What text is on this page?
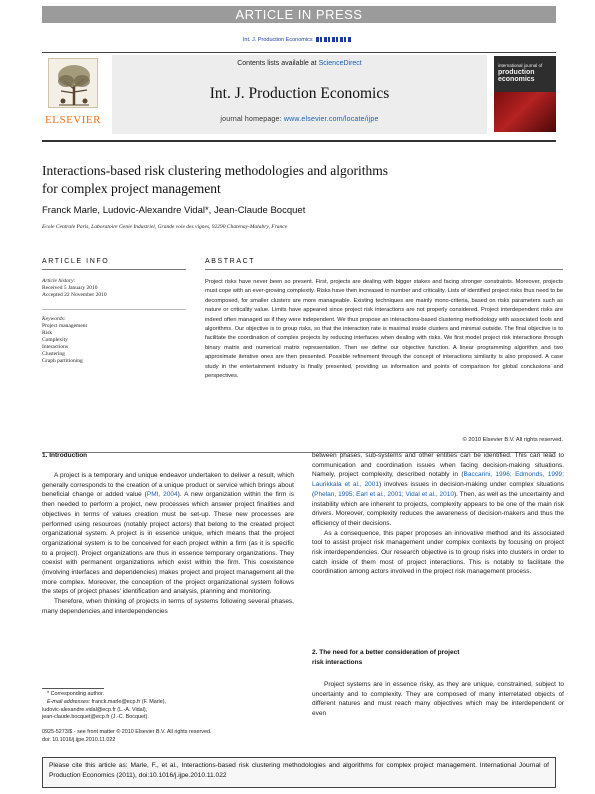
ARTICLE IN PRESS
Int. J. Production Economics
ELSEVIER
Contents lists available at ScienceDirect
Int. J. Production Economics
journal homepage: www.elsevier.com/locate/ijpe
international journal of
production
economics
Interactions-based risk clustering methodologies and algorithms
for complex project management
Franck Marle, Ludovic-Alexandre Vidal*, Jean-Claude Bocquet
Ecole Centrale Paris, Laboratoire Genie Industriel, Grande voie des vignes, 92290 Chatenay-Malabry, France
ARTICLE INFO
Article history:
Received 5 January 2010
Accepted 22 November 2010
Keywords:
Project management
Risk
Complexity
Interactions
Clustering
Graph partitioning
ABSTRACT
Project risks have never been so present. First, projects are dealing with bigger stakes and facing stronger constraints. Moreover, projects must cope with an ever-growing complexity. Risks have then increased in number and criticality. Lists of identified project risks thus need to be decomposed, for smaller clusters are more manageable. Existing techniques are mainly mono-criteria, based on risks parameters such as nature or criticality value. Limits have appeared since project risk interactions are not properly considered. Project interdependent risks are indeed often managed as if they were independent. We thus propose an interactions-based clustering methodology with associated tools and algorithms. Our objective is to group risks, so that the interaction rate is maximal inside clusters and minimal outside. The final objective is to facilitate the coordination of complex projects by reducing interfaces when dealing with risks. We first model project risk interactions through binary matrix and numerical matrix representation. Then we define our objective function. A linear programming algorithm and two approximate iterative ones are then presented. Possible refinement through the concept of interactions similarity is also proposed. A case study in the entertainment industry is finally presented, providing us information and points of comparison for global conclusions and perspectives.
© 2010 Elsevier B.V. All rights reserved.
1. Introduction

A project is a temporary and unique endeavor undertaken to deliver a result, which generally corresponds to the creation of a unique product or service which brings about beneficial change or added value (PMI, 2004). A new organization within the firm is then needed to perform a project, new processes which answer project finalities and objectives in terms of values creation must be set-up. These new processes are performed using resources (notably project actors) that belong to the created project organizational system. A project is in essence unique, which means that the project organizational system is to be conceived for each project within a firm (as it is specific to a project). Project organizations are thus in essence temporary organizations. They coexist with permanent organizations which exist within the firm. This coexistence (involving interfaces and dependencies) makes project and project management all the more complex. Moreover, the conception of the project organizational system follows the steps of project phases' identification and analysis, planning and monitoring.

Therefore, when thinking of projects in terms of systems following several phases, many dependencies and interdependencies

between phases, sub-systems and other entities can be identified. This can lead to communication and coordination issues when facing decision-making situations. Namely, project complexity, described notably in (Baccarini, 1996; Edmonds, 1999; Laurikkala et al., 2001) involves issues in decision-making under complex situations (Phelan, 1995; Earl et al., 2001; Vidal et al., 2010). Then, as well as the uncertainty and instability which are inherent to projects, complexity appears to be one of the main risk drivers. Moreover, complexity reduces the awareness of decision-makers and thus the efficiency of their decisions.

As a consequence, this paper proposes an innovative method and its associated tool to assist project risk management under complex contexts by focusing on project risk interdependencies. Our research objective is to group risks into clusters in order to catch inside of them most of project interactions. This is notably to facilitate the coordination among actors involved in the project risk management process.

2. The need for a better consideration of project
risk interactions

Project systems are in essence risky, as they are unique, constrained, subject to uncertainty and to complexity. They are composed of many interrelated objects of different natures and must reach many objectives which may be interdependent or even

* Corresponding author.
E-mail addresses: franck.marle@ecp.fr (F. Marle),
ludovic-alexandre.vidal@ecp.fr (L.-A. Vidal),
jean-claude.bocquet@ecp.fr (J.-C. Bocquet).
0925-5273/$ - see front matter © 2010 Elsevier B.V. All rights reserved.
doi: 10.1016/j.ijpe.2010.11.022
Please cite this article as: Marle, F., et al., Interactions-based risk clustering methodologies and algorithms for complex project management. International Journal of Production Economics (2011), doi:10.1016/j.ijpe.2010.11.022
